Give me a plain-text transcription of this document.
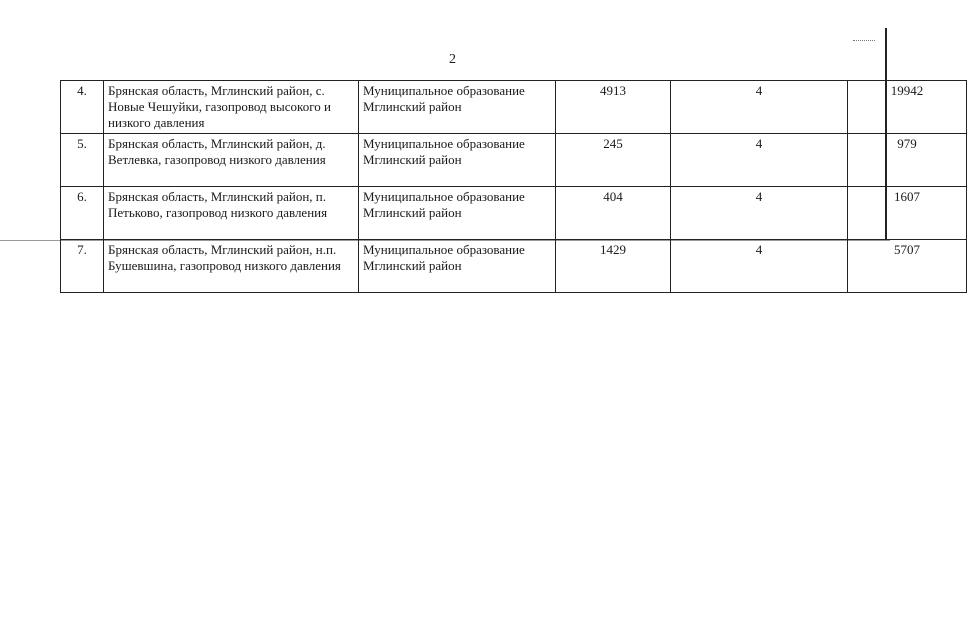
2
4.	Брянская область, Мглинский район, с. Новые Чешуйки, газопровод высокого и низкого давления	Муниципальное образование Мглинский район	4913	4	19942
5.	Брянская область, Мглинский район, д. Ветлевка, газопровод низкого давления	Муниципальное образование Мглинский район	245	4	979
6.	Брянская область, Мглинский район, п. Петьково, газопровод низкого давления	Муниципальное образование Мглинский район	404	4	1607
7.	Брянская область, Мглинский район, н.п. Бушевшина, газопровод низкого давления	Муниципальное образование Мглинский район	1429	4	5707
